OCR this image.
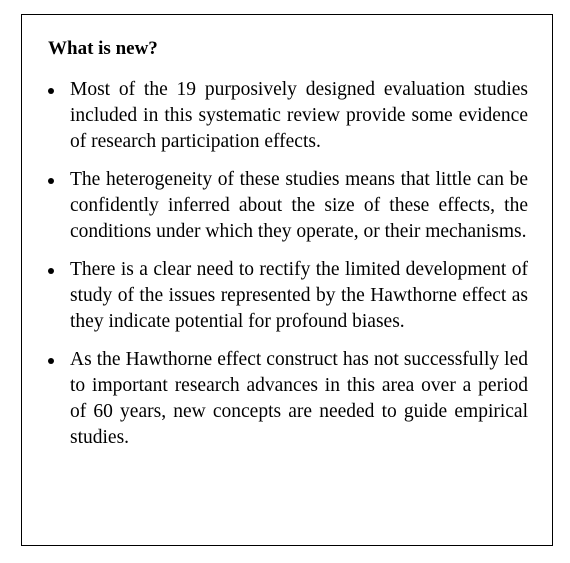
What is new?
Most of the 19 purposively designed evaluation studies included in this systematic review provide some evidence of research participation effects.
The heterogeneity of these studies means that little can be confidently inferred about the size of these effects, the conditions under which they operate, or their mechanisms.
There is a clear need to rectify the limited development of study of the issues represented by the Hawthorne effect as they indicate potential for profound biases.
As the Hawthorne effect construct has not successfully led to important research advances in this area over a period of 60 years, new concepts are needed to guide empirical studies.
